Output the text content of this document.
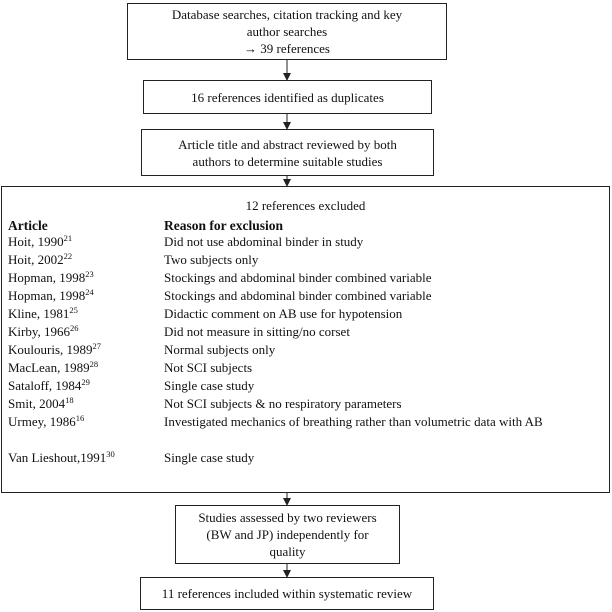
Database searches, citation tracking and key
author searches
→ 39 references
16 references identified as duplicates
Article title and abstract reviewed by both
authors to determine suitable studies
12 references excluded
Article	Reason for exclusion
Hoit, 1990$^{21}$	Did not use abdominal binder in study
Hoit, 2002$^{22}$	Two subjects only
Hopman, 1998$^{23}$	Stockings and abdominal binder combined variable
Hopman, 1998$^{24}$	Stockings and abdominal binder combined variable
Kline, 1981$^{25}$	Didactic comment on AB use for hypotension
Kirby, 1966$^{26}$	Did not measure in sitting/no corset
Koulouris, 1989$^{27}$	Normal subjects only
MacLean, 1989$^{28}$	Not SCI subjects
Sataloff, 1984$^{29}$	Single case study
Smit, 2004$^{18}$	Not SCI subjects & no respiratory parameters
Urmey, 1986$^{16}$	Investigated mechanics of breathing rather than volumetric data with AB
Van Lieshout,1991$^{30}$	Single case study
Studies assessed by two reviewers
(BW and JP) independently for
quality
11 references included within systematic review
